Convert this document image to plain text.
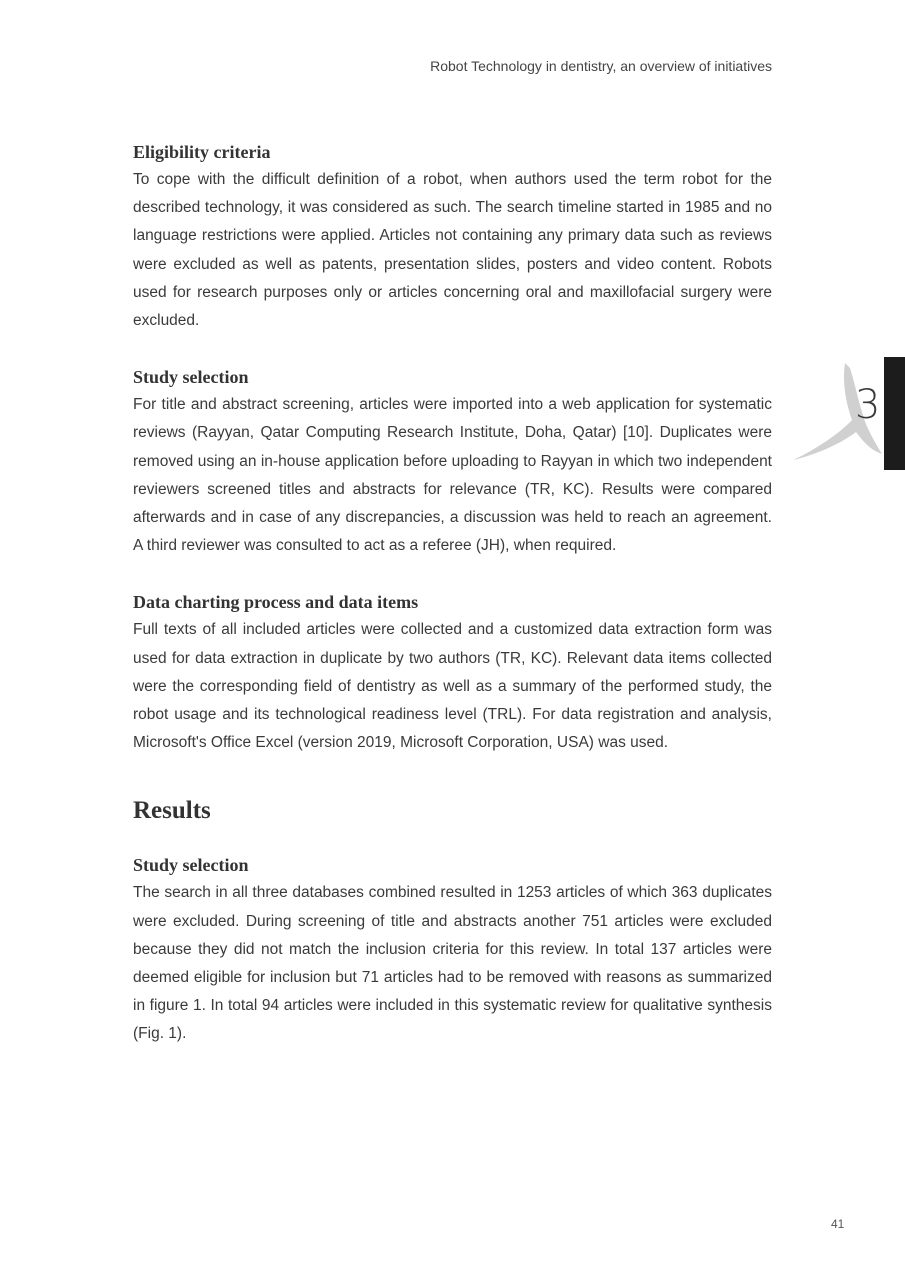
Robot Technology in dentistry, an overview of initiatives
Eligibility criteria

To cope with the difficult definition of a robot, when authors used the term robot for the described technology, it was considered as such. The search timeline started in 1985 and no language restrictions were applied. Articles not containing any primary data such as reviews were excluded as well as patents, presentation slides, posters and video content. Robots used for research purposes only or articles concerning oral and maxillofacial surgery were excluded.

Study selection

For title and abstract screening, articles were imported into a web application for systematic reviews (Rayyan, Qatar Computing Research Institute, Doha, Qatar) [10]. Duplicates were removed using an in-house application before uploading to Rayyan in which two independent reviewers screened titles and abstracts for relevance (TR, KC). Results were compared afterwards and in case of any discrepancies, a discussion was held to reach an agreement. A third reviewer was consulted to act as a referee (JH), when required.

Data charting process and data items

Full texts of all included articles were collected and a customized data extraction form was used for data extraction in duplicate by two authors (TR, KC). Relevant data items collected were the corresponding field of dentistry as well as a summary of the performed study, the robot usage and its technological readiness level (TRL). For data registration and analysis, Microsoft's Office Excel (version 2019, Microsoft Corporation, USA) was used.

Results
Study selection

The search in all three databases combined resulted in 1253 articles of which 363 duplicates were excluded. During screening of title and abstracts another 751 articles were excluded because they did not match the inclusion criteria for this review. In total 137 articles were deemed eligible for inclusion but 71 articles had to be removed with reasons as summarized in figure 1. In total 94 articles were included in this systematic review for qualitative synthesis (Fig. 1).

3
41
